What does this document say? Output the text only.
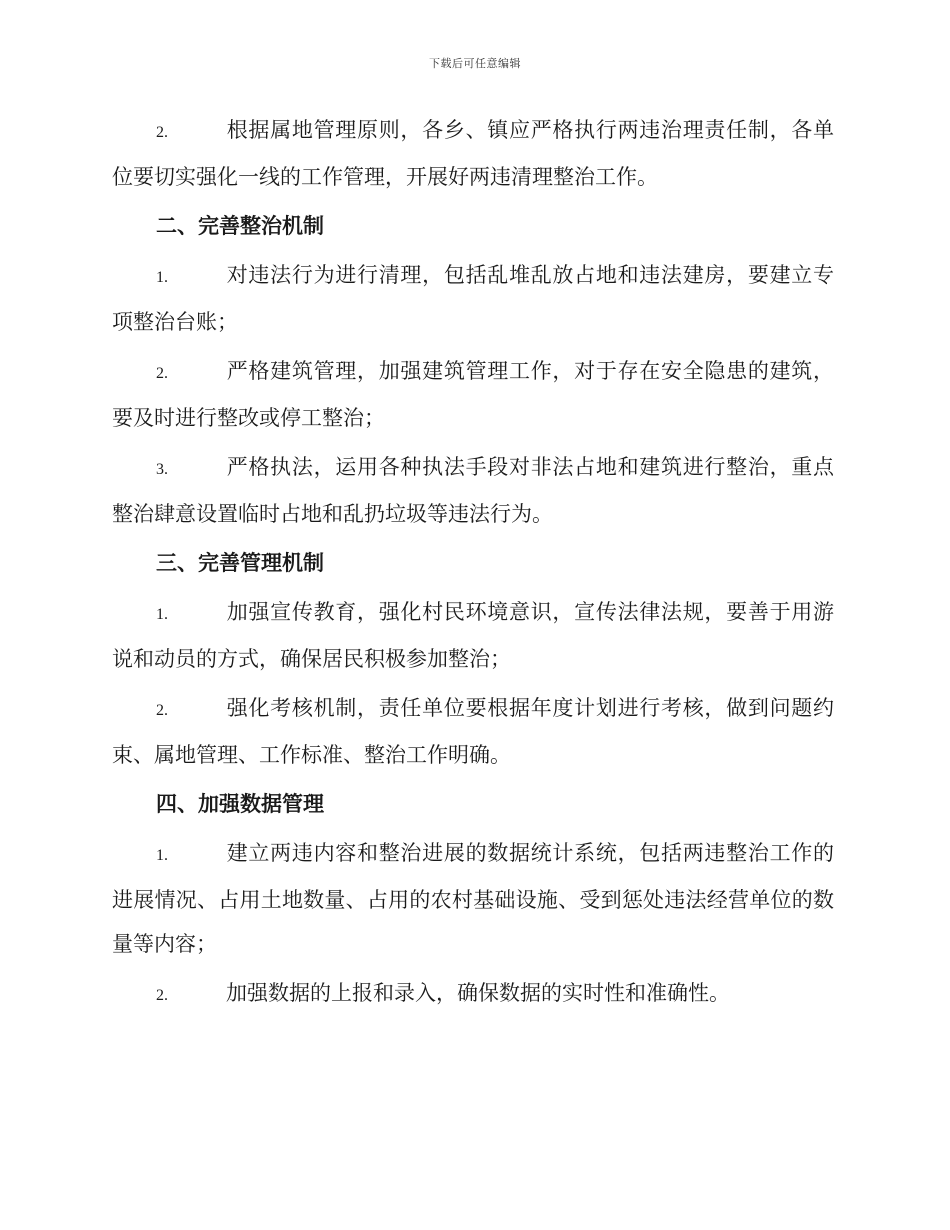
下载后可任意编辑

2.	根据属地管理原则，各乡、镇应严格执行两违治理责任制，各单位要切实强化一线的工作管理，开展好两违清理整治工作。

二、完善整治机制

1.	对违法行为进行清理，包括乱堆乱放占地和违法建房，要建立专项整治台账；

2.	严格建筑管理，加强建筑管理工作，对于存在安全隐患的建筑，要及时进行整改或停工整治；

3.	严格执法，运用各种执法手段对非法占地和建筑进行整治，重点整治肆意设置临时占地和乱扔垃圾等违法行为。

三、完善管理机制

1.	加强宣传教育，强化村民环境意识，宣传法律法规，要善于用游说和动员的方式，确保居民积极参加整治；

2.	强化考核机制，责任单位要根据年度计划进行考核，做到问题约束、属地管理、工作标准、整治工作明确。

四、加强数据管理

1.	建立两违内容和整治进展的数据统计系统，包括两违整治工作的进展情况、占用土地数量、占用的农村基础设施、受到惩处违法经营单位的数量等内容；

2.	加强数据的上报和录入，确保数据的实时性和准确性。
